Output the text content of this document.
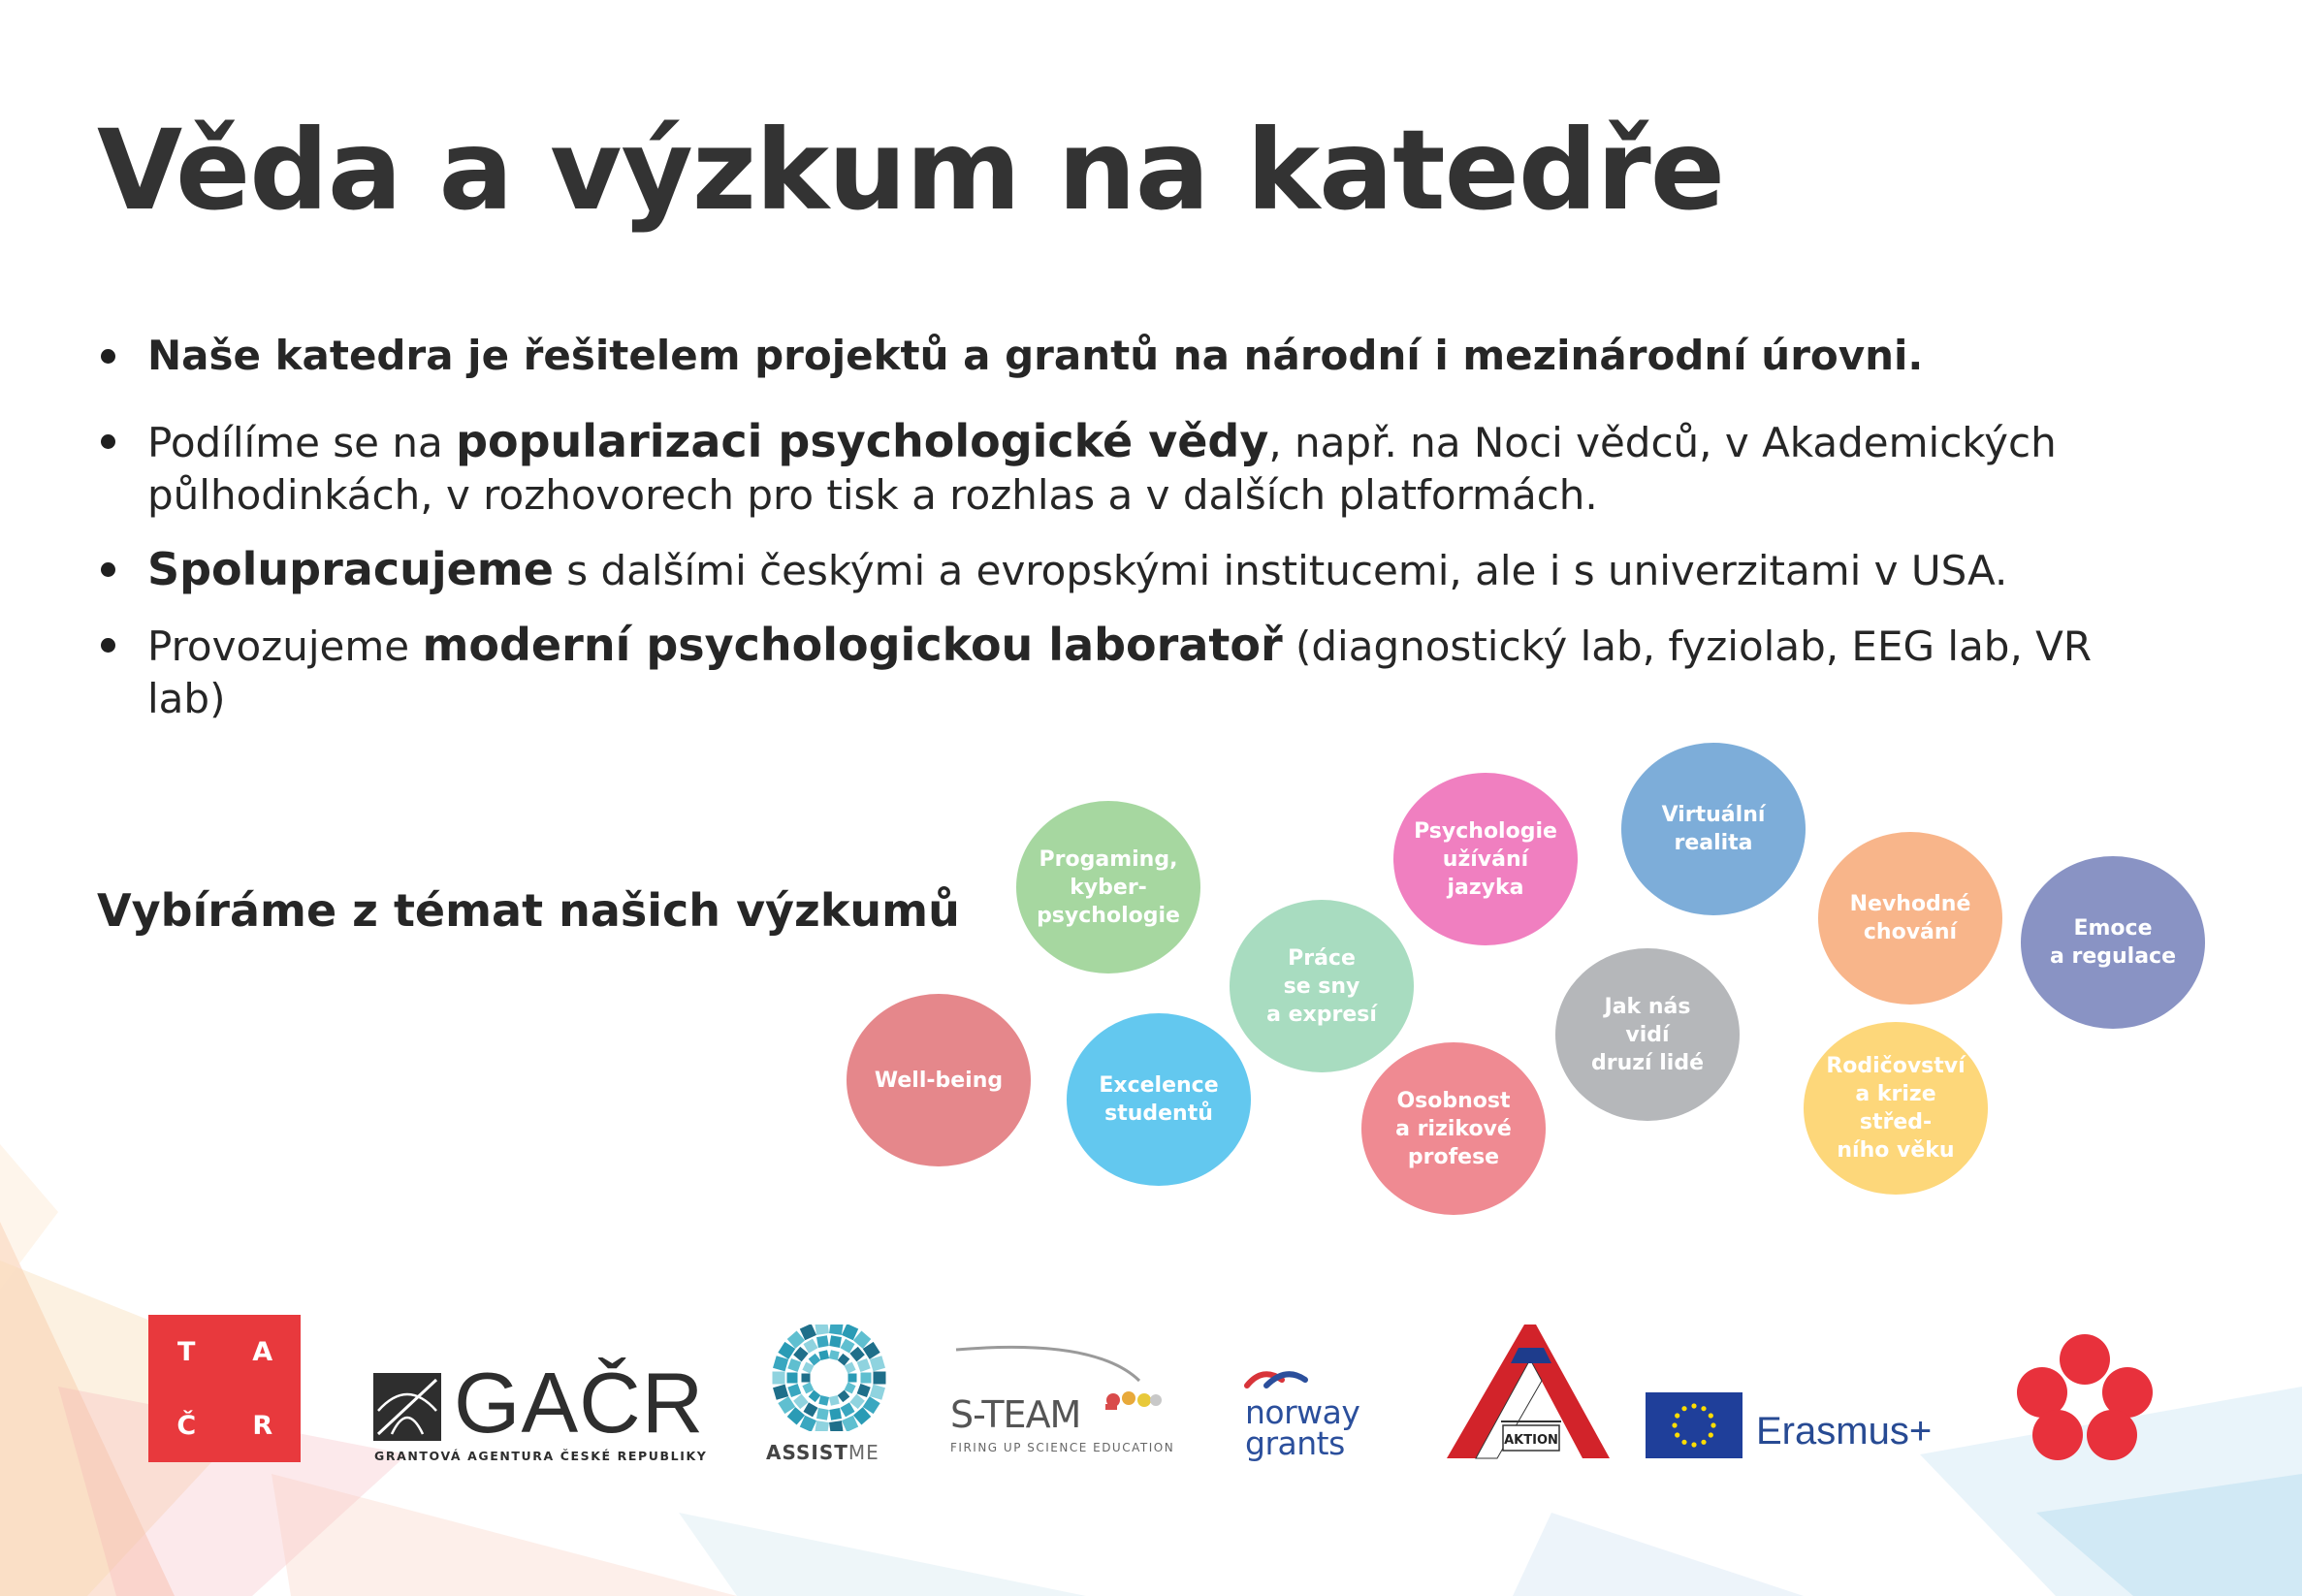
Věda a výzkum na katedře
Naše katedra je řešitelem projektů a grantů na národní i mezinárodní úrovni.
Podílíme se na popularizaci psychologické vědy, např. na Noci vědců, v Akademických půlhodinkách, v rozhovorech pro tisk a rozhlas a v dalších platformách.
Spolupracujeme s dalšími českými a evropskými institucemi, ale i s univerzitami v USA.
Provozujeme moderní psychologickou laboratoř (diagnostický lab, fyziolab, EEG lab, VR lab)
Vybíráme z témat našich výzkumů
Well-being
Progaming,
kyber-
psychologie
Excelence
studentů
Práce
se sny
a expresí
Psychologie
užívání
jazyka
Osobnost
a rizikové
profese
Virtuální
realita
Jak nás
vidí
druzí lidé
Nevhodné
chování
Rodičovství
a krize střed-
ního věku
Emoce
a regulace
T	A
Č	R	GAČR
GRANTOVÁ AGENTURA ČESKÉ REPUBLIKY	ASSISTME
S-TEAM
FIRING UP SCIENCE EDUCATION
norway
grants	AKTION	Erasmus+
